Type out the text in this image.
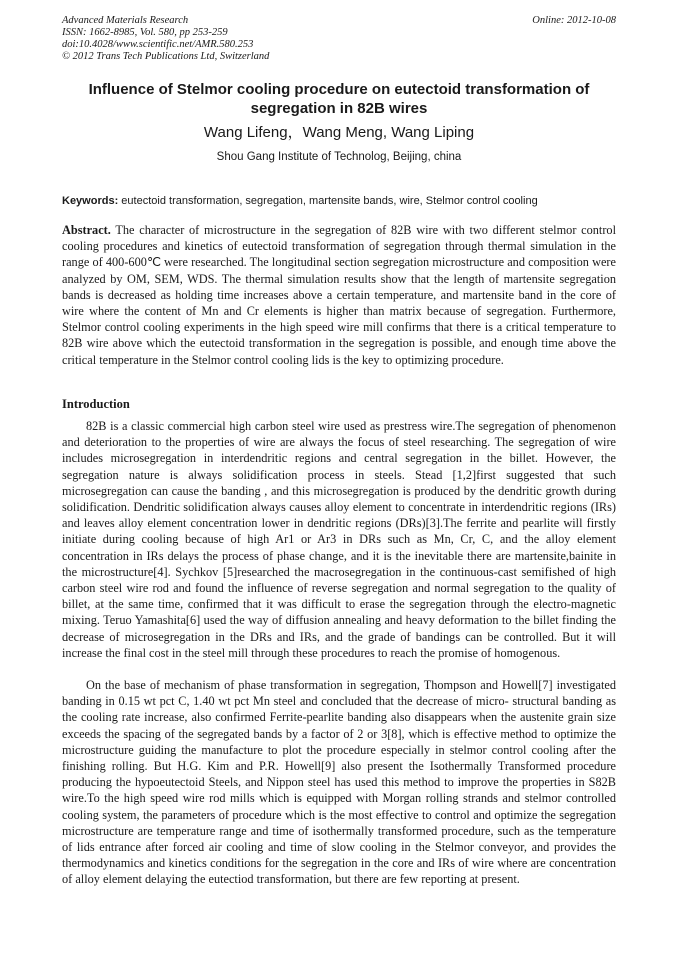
Advanced Materials Research
ISSN: 1662-8985, Vol. 580, pp 253-259
doi:10.4028/www.scientific.net/AMR.580.253
© 2012 Trans Tech Publications Ltd, Switzerland
Online: 2012-10-08
Influence of Stelmor cooling procedure on eutectoid transformation of segregation in 82B wires
Wang Lifeng，Wang Meng, Wang Liping
Shou Gang Institute of Technolog, Beijing, china
Keywords: eutectoid transformation, segregation, martensite bands, wire, Stelmor control cooling
Abstract. The character of microstructure in the segregation of 82B wire with two different stelmor control cooling procedures and kinetics of eutectoid transformation of segregation through thermal simulation in the range of 400-600℃ were researched. The longitudinal section segregation microstructure and composition were analyzed by OM, SEM, WDS. The thermal simulation results show that the length of martensite segregation bands is decreased as holding time increases above a certain temperature, and martensite band in the core of wire where the content of Mn and Cr elements is higher than matrix because of segregation. Furthermore, Stelmor control cooling experiments in the high speed wire mill confirms that there is a critical temperature to 82B wire above which the eutectoid transformation in the segregation is possible, and enough time above the critical temperature in the Stelmor control cooling lids is the key to optimizing procedure.
Introduction
82B is a classic commercial high carbon steel wire used as prestress wire.The segregation of phenomenon and deterioration to the properties of wire are always the focus of steel researching. The segregation of wire includes microsegregation in interdendritic regions and central segregation in the billet. However, the segregation nature is always solidification process in steels. Stead [1,2]first suggested that such microsegregation can cause the banding , and this microsegregation is produced by the dendritic growth during solidification. Dendritic solidification always causes alloy element to concentrate in interdendritic regions (IRs) and leaves alloy element concentration lower in dendritic regions (DRs)[3].The ferrite and pearlite will firstly initiate during cooling because of high Ar1 or Ar3 in DRs such as Mn, Cr, C, and the alloy element concentration in IRs delays the process of phase change, and it is the inevitable there are martensite,bainite in the microstructure[4]. Sychkov [5]researched the macrosegregation in the continuous-cast semifished of high carbon steel wire rod and found the influence of reverse segregation and normal segregation to the quality of billet, at the same time, confirmed that it was difficult to erase the segregation through the electro-magnetic mixing. Teruo Yamashita[6] used the way of diffusion annealing and heavy deformation to the billet finding the decrease of microsegregation in the DRs and IRs, and the grade of bandings can be controlled. But it will increase the final cost in the steel mill through these procedures to reach the promise of homogenous.
On the base of mechanism of phase transformation in segregation, Thompson and Howell[7] investigated banding in 0.15 wt pct C, 1.40 wt pct Mn steel and concluded that the decrease of micro- structural banding as the cooling rate increase, also confirmed Ferrite-pearlite banding also disappears when the austenite grain size exceeds the spacing of the segregated bands by a factor of 2 or 3[8], which is effective method to optimize the microstructure guiding the manufacture to plot the procedure especially in stelmor control cooling after the finishing rolling. But H.G. Kim and P.R. Howell[9] also present the Isothermally Transformed procedure producing the hypoeutectoid Steels, and Nippon steel has used this method to improve the properties in S82B wire.To the high speed wire rod mills which is equipped with Morgan rolling strands and stelmor controlled cooling system, the parameters of procedure which is the most effective to control and optimize the segregation microstructure are temperature range and time of isothermally transformed procedure, such as the temperature of lids entrance after forced air cooling and time of slow cooling in the Stelmor conveyor, and provides the thermodynamics and kinetics conditions for the segregation in the core and IRs of wire where are concentration of alloy element delaying the eutectiod transformation, but there are few reporting at present.
